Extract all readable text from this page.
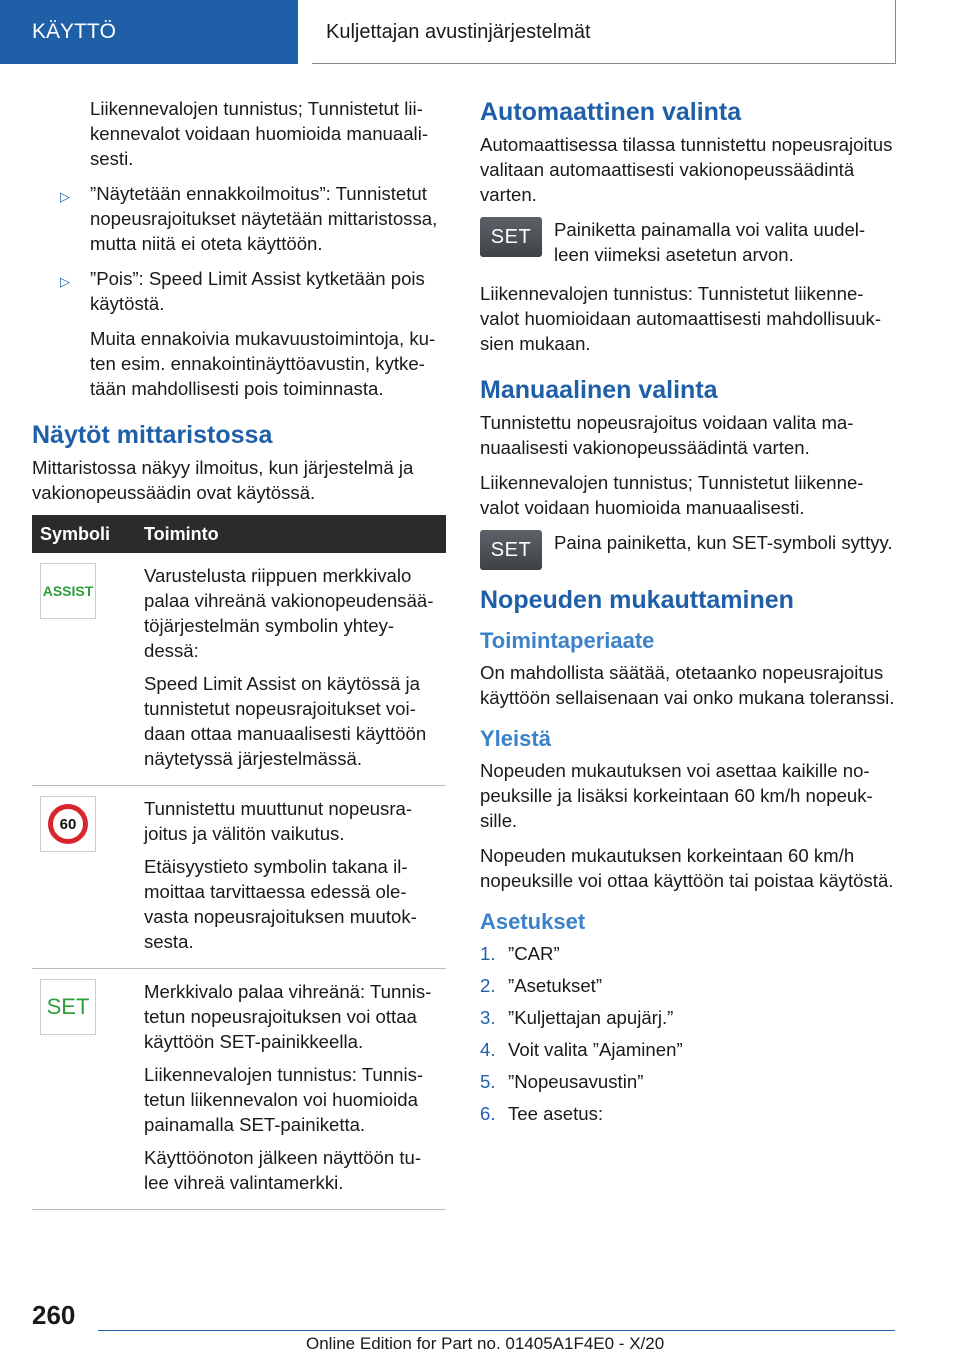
KÄYTTÖ	Kuljettajan avustinjärjestelmät

Liikennevalojen tunnistus; Tunnistetut liikennevalot voidaan huomioida manuaalisesti.

▷ ”Näytetään ennakkoilmoitus”: Tunnistetut nopeusrajoitukset näytetään mittaristossa, mutta niitä ei oteta käyttöön.

▷ ”Pois”: Speed Limit Assist kytketään pois käytöstä.

Muita ennakoivia mukavuustoimintoja, kuten esim. ennakointinäyttöavustin, kytketään mahdollisesti pois toiminnasta.

Näytöt mittaristossa

Mittaristossa näkyy ilmoitus, kun järjestelmä ja vakionopeussäädin ovat käytössä.

Symboli	Toiminto

ASSIST	Varustelusta riippuen merkkivalo palaa vihreänä vakionopeudensäätöjärjestelmän symbolin yhteydessä:

Speed Limit Assist on käytössä ja tunnistetut nopeusrajoitukset voidaan ottaa manuaalisesti käyttöön näytetyssä järjestelmässä.

60	Tunnistettu muuttunut nopeusrajoitus ja välitön vaikutus.

Etäisyystieto symbolin takana ilmoittaa tarvittaessa edessä olevasta nopeusrajoituksen muutoksesta.

SET	Merkkivalo palaa vihreänä: Tunnistetun nopeusrajoituksen voi ottaa käyttöön SET-painikkeella.

Liikennevalojen tunnistus: Tunnistetun liikennevalon voi huomioida painamalla SET-painiketta.

Käyttöönoton jälkeen näyttöön tulee vihreä valintamerkki.

Automaattinen valinta

Automaattisessa tilassa tunnistettu nopeusrajoitus valitaan automaattisesti vakionopeussäädintä varten.

SET Painiketta painamalla voi valita uudelleen viimeksi asetetun arvon.

Liikennevalojen tunnistus: Tunnistetut liikennevalot huomioidaan automaattisesti mahdollisuuksien mukaan.

Manuaalinen valinta

Tunnistettu nopeusrajoitus voidaan valita manuaalisesti vakionopeussäädintä varten.

Liikennevalojen tunnistus; Tunnistetut liikennevalot voidaan huomioida manuaalisesti.

SET Paina painiketta, kun SET-symboli syttyy.

Nopeuden mukauttaminen
Toimintaperiaate

On mahdollista säätää, otetaanko nopeusrajoitus käyttöön sellaisenaan vai onko mukana toleranssi.

Yleistä

Nopeuden mukautuksen voi asettaa kaikille nopeuksille ja lisäksi korkeintaan 60 km/h nopeuksille.

Nopeuden mukautuksen korkeintaan 60 km/h nopeuksille voi ottaa käyttöön tai poistaa käytöstä.

Asetukset
1. ”CAR”
2. ”Asetukset”
3. ”Kuljettajan apujärj.”
4. Voit valita ”Ajaminen”
5. ”Nopeusavustin”
6. Tee asetus:
260
Online Edition for Part no. 01405A1F4E0 - X/20
